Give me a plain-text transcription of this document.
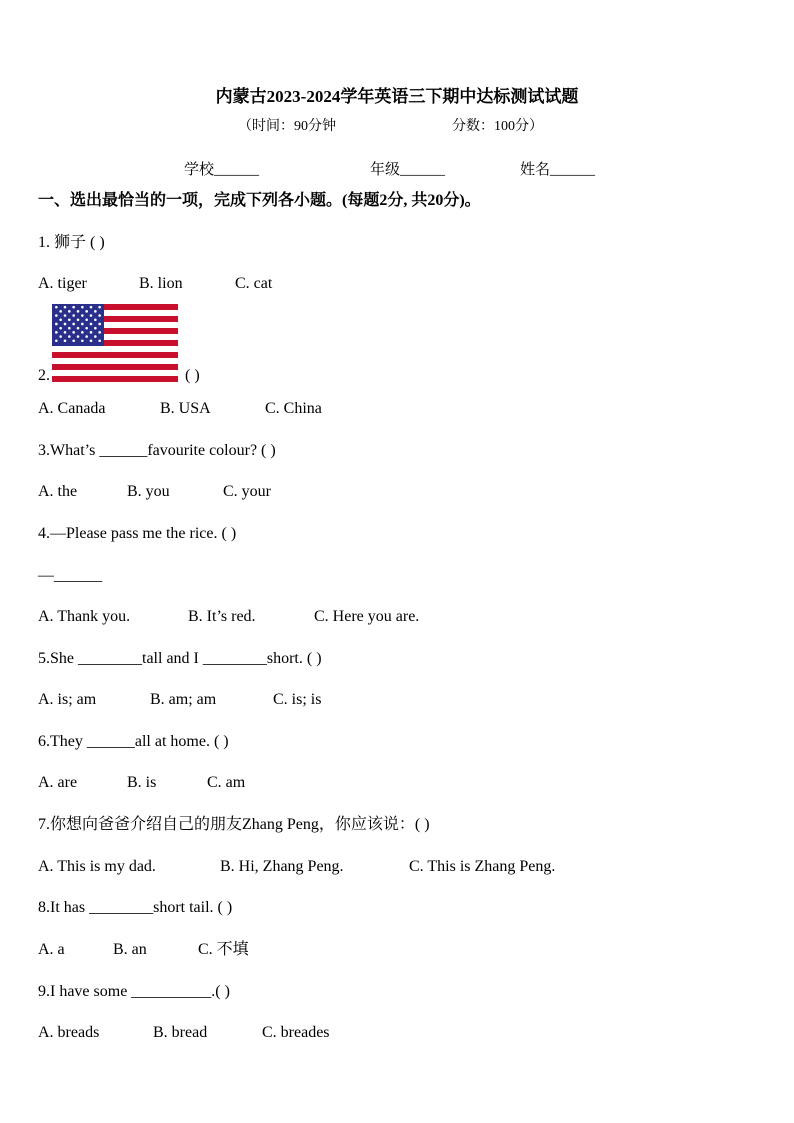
内蒙古2023-2024学年英语三下期中达标测试试题
（时间：90分钟	分数：100分）
学校______	年级______	姓名______
一、选出最恰当的一项，完成下列各小题。(每题2分, 共20分)。
1. 狮子 ( )
A. tiger	B. lion	C. cat
2.	( )
A. Canada	B. USA	C. China
3.What’s ______favourite colour? ( )
A. the	B. you	C. your
4.—Please pass me the rice. ( )
—______
A. Thank you.	B. It’s red.	C. Here you are.
5.She ________tall and I ________short. ( )
A. is; am	B. am; am	C. is; is
6.They ______all at home. ( )
A. are	B. is	C. am
7.你想向爸爸介绍自己的朋友Zhang Peng，你应该说：( )
A. This is my dad.	B. Hi, Zhang Peng.	C. This is Zhang Peng.
8.It has ________short tail. ( )
A. a	B. an	C. 不填
9.I have some __________.( )
A. breads	B. bread	C. breades
